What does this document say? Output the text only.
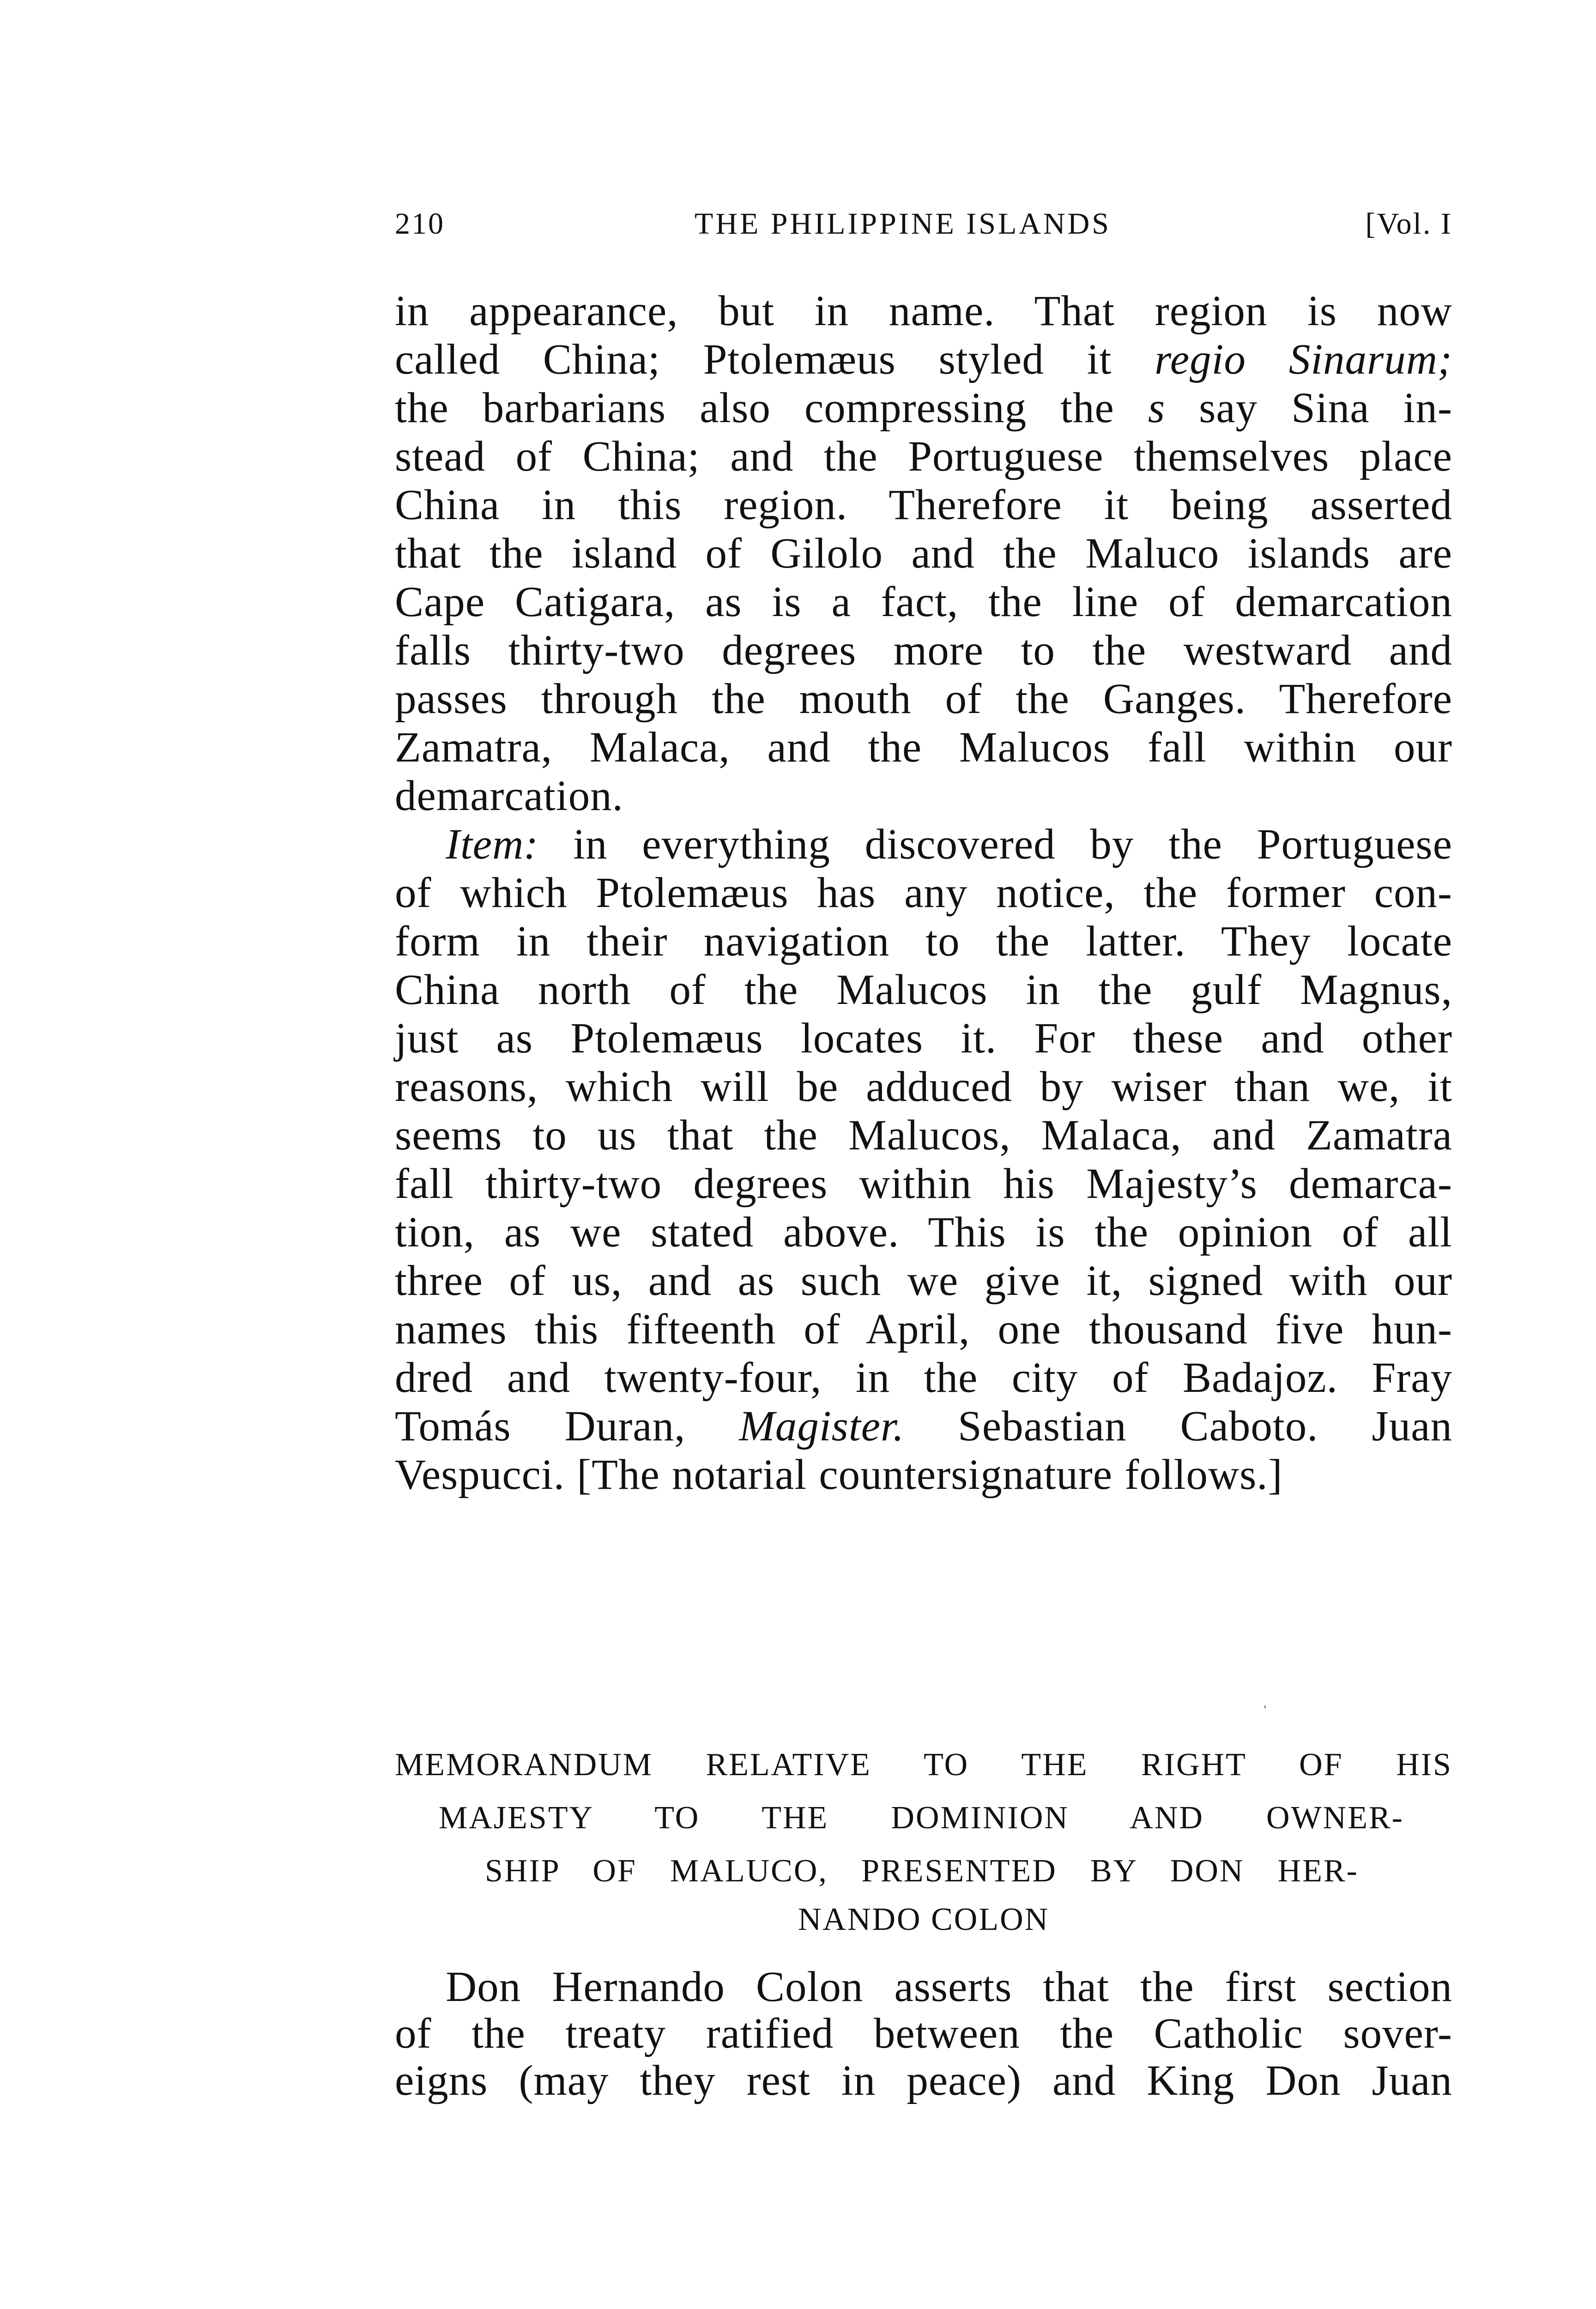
210	THE PHILIPPINE ISLANDS	[Vol. I
in appearance, but in name. That region is now
called China; Ptolemæus styled it regio Sinarum;
the barbarians also compressing the s say Sina in-
stead of China; and the Portuguese themselves place
China in this region. Therefore it being asserted
that the island of Gilolo and the Maluco islands are
Cape Catigara, as is a fact, the line of demarcation
falls thirty-two degrees more to the westward and
passes through the mouth of the Ganges. Therefore
Zamatra, Malaca, and the Malucos fall within our
demarcation.
Item: in everything discovered by the Portuguese
of which Ptolemæus has any notice, the former con-
form in their navigation to the latter. They locate
China north of the Malucos in the gulf Magnus,
just as Ptolemæus locates it. For these and other
reasons, which will be adduced by wiser than we, it
seems to us that the Malucos, Malaca, and Zamatra
fall thirty-two degrees within his Majesty’s demarca-
tion, as we stated above. This is the opinion of all
three of us, and as such we give it, signed with our
names this fifteenth of April, one thousand five hun-
dred and twenty-four, in the city of Badajoz. Fray
Tomás Duran, Magister. Sebastian Caboto. Juan
Vespucci. [The notarial countersignature follows.]
MEMORANDUM RELATIVE TO THE RIGHT OF HIS
MAJESTY TO THE DOMINION AND OWNER-
SHIP OF MALUCO, PRESENTED BY DON HER-
NANDO COLON
Don Hernando Colon asserts that the first section
of the treaty ratified between the Catholic sover-
eigns (may they rest in peace) and King Don Juan
